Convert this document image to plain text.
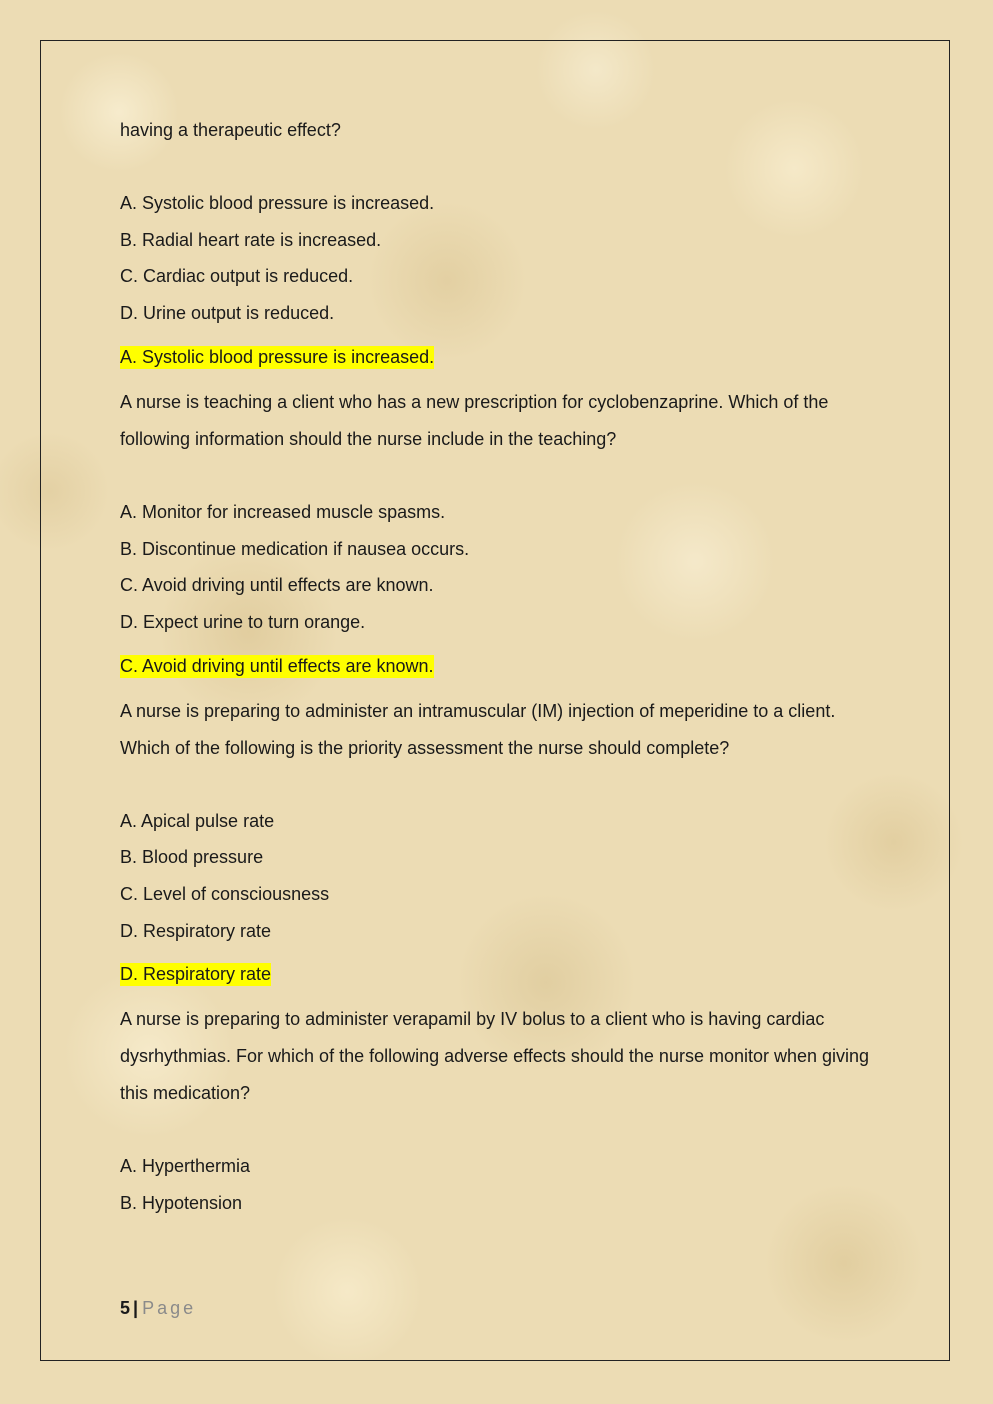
having a therapeutic effect?

A. Systolic blood pressure is increased.

B. Radial heart rate is increased.

C. Cardiac output is reduced.

D. Urine output is reduced.

A. Systolic blood pressure is increased.

A nurse is teaching a client who has a new prescription for cyclobenzaprine. Which of the following information should the nurse include in the teaching?

A. Monitor for increased muscle spasms.

B. Discontinue medication if nausea occurs.

C. Avoid driving until effects are known.

D. Expect urine to turn orange.

C. Avoid driving until effects are known.

A nurse is preparing to administer an intramuscular (IM) injection of meperidine to a client. Which of the following is the priority assessment the nurse should complete?

A. Apical pulse rate

B. Blood pressure

C. Level of consciousness

D. Respiratory rate

D. Respiratory rate

A nurse is preparing to administer verapamil by IV bolus to a client who is having cardiac dysrhythmias. For which of the following adverse effects should the nurse monitor when giving this medication?

A. Hyperthermia

B. Hypotension

5 | Page
